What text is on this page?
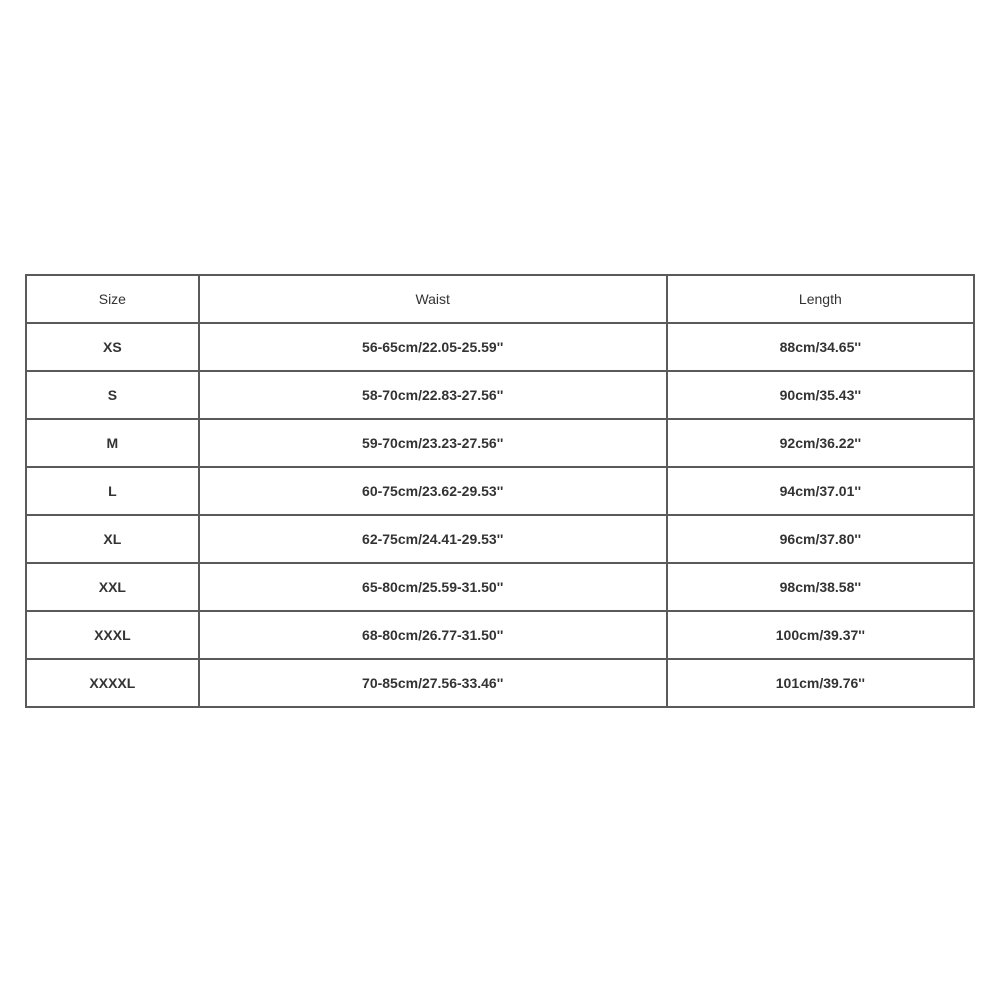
Size	Waist	Length
XS	56-65cm/22.05-25.59''	88cm/34.65''
S	58-70cm/22.83-27.56''	90cm/35.43''
M	59-70cm/23.23-27.56''	92cm/36.22''
L	60-75cm/23.62-29.53''	94cm/37.01''
XL	62-75cm/24.41-29.53''	96cm/37.80''
XXL	65-80cm/25.59-31.50''	98cm/38.58''
XXXL	68-80cm/26.77-31.50''	100cm/39.37''
XXXXL	70-85cm/27.56-33.46''	101cm/39.76''
